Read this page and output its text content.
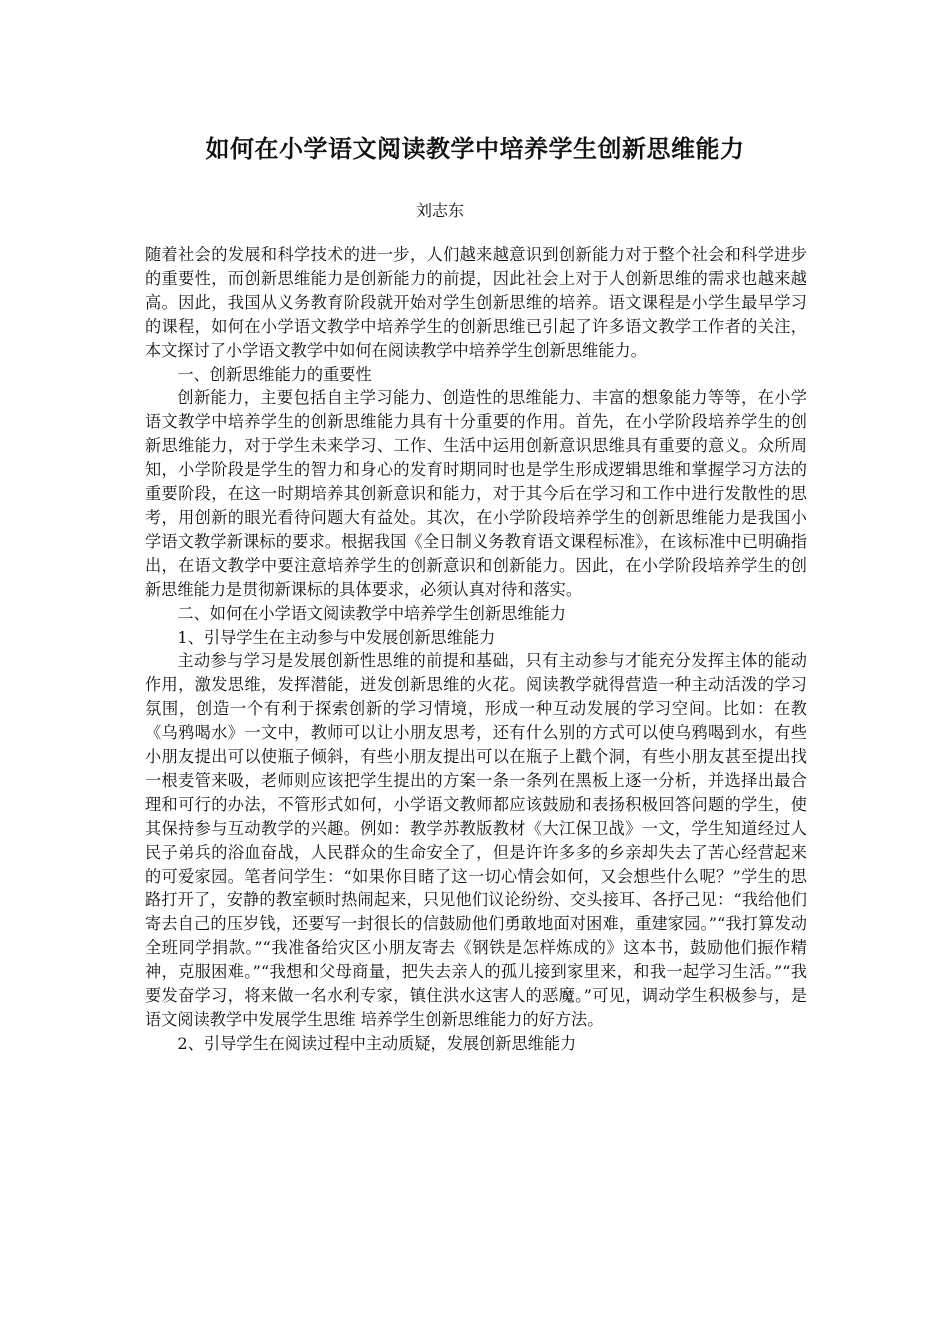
如何在小学语文阅读教学中培养学生创新思维能力
刘志东

随着社会的发展和科学技术的进一步，人们越来越意识到创新能力对于整个社会和科学进步的重要性，而创新思维能力是创新能力的前提，因此社会上对于人创新思维的需求也越来越高。因此，我国从义务教育阶段就开始对学生创新思维的培养。语文课程是小学生最早学习的课程，如何在小学语文教学中培养学生的创新思维已引起了许多语文教学工作者的关注，本文探讨了小学语文教学中如何在阅读教学中培养学生创新思维能力。

一、创新思维能力的重要性

创新能力，主要包括自主学习能力、创造性的思维能力、丰富的想象能力等等，在小学语文教学中培养学生的创新思维能力具有十分重要的作用。首先，在小学阶段培养学生的创新思维能力，对于学生未来学习、工作、生活中运用创新意识思维具有重要的意义。众所周知，小学阶段是学生的智力和身心的发育时期同时也是学生形成逻辑思维和掌握学习方法的重要阶段，在这一时期培养其创新意识和能力，对于其今后在学习和工作中进行发散性的思考，用创新的眼光看待问题大有益处。其次，在小学阶段培养学生的创新思维能力是我国小学语文教学新课标的要求。根据我国《全日制义务教育语文课程标准》，在该标准中已明确指出，在语文教学中要注意培养学生的创新意识和创新能力。因此，在小学阶段培养学生的创新思维能力是贯彻新课标的具体要求，必须认真对待和落实。

二、如何在小学语文阅读教学中培养学生创新思维能力

1、引导学生在主动参与中发展创新思维能力

主动参与学习是发展创新性思维的前提和基础，只有主动参与才能充分发挥主体的能动作用，激发思维，发挥潜能，迸发创新思维的火花。阅读教学就得营造一种主动活泼的学习氛围，创造一个有利于探索创新的学习情境，形成一种互动发展的学习空间。比如：在教《乌鸦喝水》一文中，教师可以让小朋友思考，还有什么别的方式可以使乌鸦喝到水，有些小朋友提出可以使瓶子倾斜，有些小朋友提出可以在瓶子上戳个洞，有些小朋友甚至提出找一根麦管来吸，老师则应该把学生提出的方案一条一条列在黑板上逐一分析，并选择出最合理和可行的办法，不管形式如何，小学语文教师都应该鼓励和表扬积极回答问题的学生，使其保持参与互动教学的兴趣。例如：教学苏教版教材《大江保卫战》一文，学生知道经过人民子弟兵的浴血奋战，人民群众的生命安全了，但是许许多多的乡亲却失去了苦心经营起来的可爱家园。笔者问学生：“如果你目睹了这一切心情会如何，又会想些什么呢？”学生的思路打开了，安静的教室顿时热闹起来，只见他们议论纷纷、交头接耳、各抒己见：“我给他们寄去自己的压岁钱，还要写一封很长的信鼓励他们勇敢地面对困难，重建家园。”“我打算发动全班同学捐款。”“我准备给灾区小朋友寄去《钢铁是怎样炼成的》这本书，鼓励他们振作精神，克服困难。”“我想和父母商量，把失去亲人的孤儿接到家里来，和我一起学习生活。”“我要发奋学习，将来做一名水利专家，镇住洪水这害人的恶魔。”可见，调动学生积极参与，是语文阅读教学中发展学生思维 培养学生创新思维能力的好方法。

2、引导学生在阅读过程中主动质疑，发展创新思维能力
